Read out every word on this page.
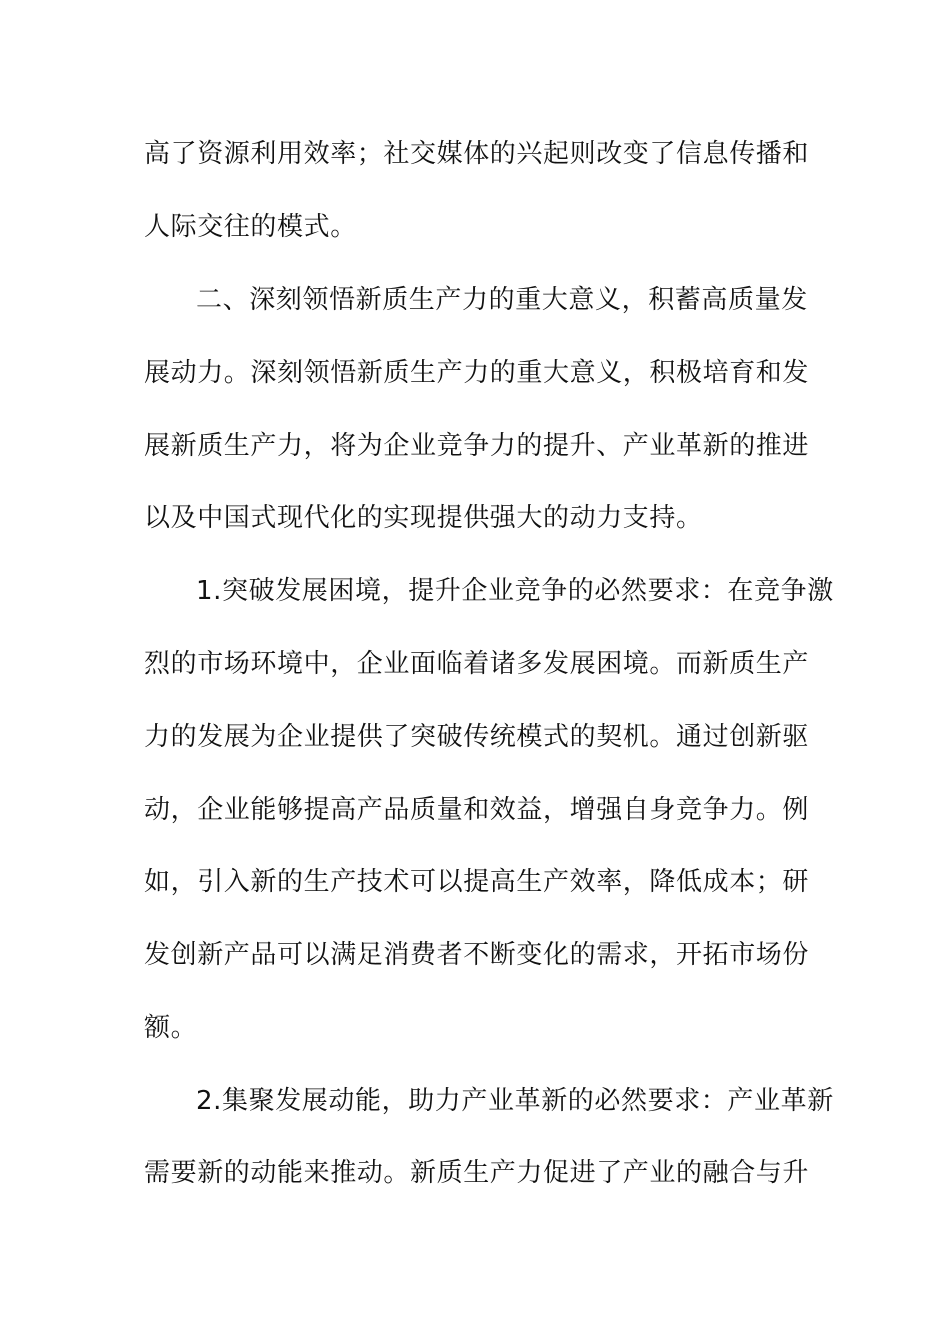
高了资源利用效率；社交媒体的兴起则改变了信息传播和
人际交往的模式。
二、深刻领悟新质生产力的重大意义，积蓄高质量发
展动力。深刻领悟新质生产力的重大意义，积极培育和发
展新质生产力，将为企业竞争力的提升、产业革新的推进
以及中国式现代化的实现提供强大的动力支持。
1.突破发展困境，提升企业竞争的必然要求：在竞争激
烈的市场环境中，企业面临着诸多发展困境。而新质生产
力的发展为企业提供了突破传统模式的契机。通过创新驱
动，企业能够提高产品质量和效益，增强自身竞争力。例
如，引入新的生产技术可以提高生产效率，降低成本；研
发创新产品可以满足消费者不断变化的需求，开拓市场份
额。
2.集聚发展动能，助力产业革新的必然要求：产业革新
需要新的动能来推动。新质生产力促进了产业的融合与升
